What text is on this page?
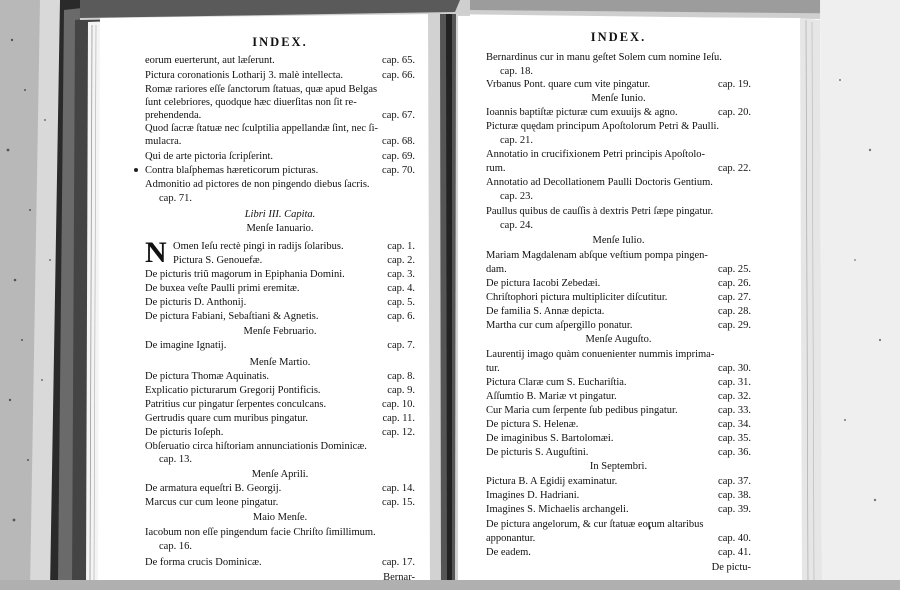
INDEX.
eorum euerterunt, aut læſerunt.	cap. 65.
Pictura coronationis Lotharij 3. malè intellecta.	cap. 66.
Romæ rariores eſſe ſanctorum ſtatuas, quæ apud Belgas
ſunt celebriores, quodque hæc diuerſitas non ſit re-
prehendenda.	cap. 67.
Quod ſacræ ſtatuæ nec ſculptilia appellandæ ſint, nec ſi-
mulacra.	cap. 68.
Qui de arte pictoria ſcripſerint.	cap. 69.
Contra blaſphemas hæreticorum picturas.	cap. 70.
Admonitio ad pictores de non pingendo diebus ſacris.
cap. 71.
Libri III. Capita.
Menſe Ianuario.
Omen Ieſu rectè pingi in radijs ſolaribus.	cap. 1.
Pictura S. Genouefæ.	cap. 2.
De picturis triũ magorum in Epiphania Domini.	cap. 3.
De buxea veſte Paulli primi eremitæ.	cap. 4.
De picturis D. Anthonij.	cap. 5.
De pictura Fabiani, Sebaſtiani & Agnetis.	cap. 6.
Menſe Februario.
De imagine Ignatij.	cap. 7.
Menſe Martio.
De pictura Thomæ Aquinatis.	cap. 8.
Explicatio picturarum Gregorij Pontificis.	cap. 9.
Patritius cur pingatur ſerpentes conculcans.	cap. 10.
Gertrudis quare cum muribus pingatur.	cap. 11.
De picturis Ioſeph.	cap. 12.
Obſeruatio circa hiſtoriam annunciationis Dominicæ.
cap. 13.
Menſe Aprili.
De armatura equeſtri B. Georgij.	cap. 14.
Marcus cur cum leone pingatur.	cap. 15.
Maio Menſe.
Iacobum non eſſe pingendum facie Chriſto ſimillimum.
cap. 16.
De forma crucis Dominicæ.	cap. 17.
Bernar-
N
INDEX.
Bernardinus cur in manu geſtet Solem cum nomine Ieſu.
cap. 18.
Vrbanus Pont. quare cum vite pingatur.	cap. 19.
Menſe Iunio.
Ioannis baptiſtæ picturæ cum exuuijs & agno.	cap. 20.
Picturæ quędam principum Apoſtolorum Petri & Paulli.
cap. 21.
Annotatio in crucifixionem Petri principis Apoſtolo-
rum.	cap. 22.
Annotatio ad Decollationem Paulli Doctoris Gentium.
cap. 23.
Paullus quibus de cauſſis à dextris Petri ſæpe pingatur.
cap. 24.
Menſe Iulio.
Mariam Magdalenam abſque veſtium pompa pingen-
dam.	cap. 25.
De pictura Iacobi Zebedæi.	cap. 26.
Chriſtophori pictura multipliciter diſcutitur.	cap. 27.
De familia S. Annæ depicta.	cap. 28.
Martha cur cum aſpergillo ponatur.	cap. 29.
Menſe Auguſto.
Laurentij imago quàm conuenienter nummis imprima-
tur.	cap. 30.
Pictura Claræ cum S. Euchariſtia.	cap. 31.
Aſſumtio B. Mariæ vt pingatur.	cap. 32.
Cur Maria cum ſerpente ſub pedibus pingatur.	cap. 33.
De pictura S. Helenæ.	cap. 34.
De imaginibus S. Bartolomæi.	cap. 35.
De picturis S. Auguſtini.	cap. 36.
In Septembri.
Pictura B. A Egidij examinatur.	cap. 37.
Imagines D. Hadriani.	cap. 38.
Imagines S. Michaelis archangeli.	cap. 39.
De pictura angelorum, & cur ſtatuæ eorum altaribus
apponantur.	cap. 40.
De eadem.	cap. 41.
De pictu-
